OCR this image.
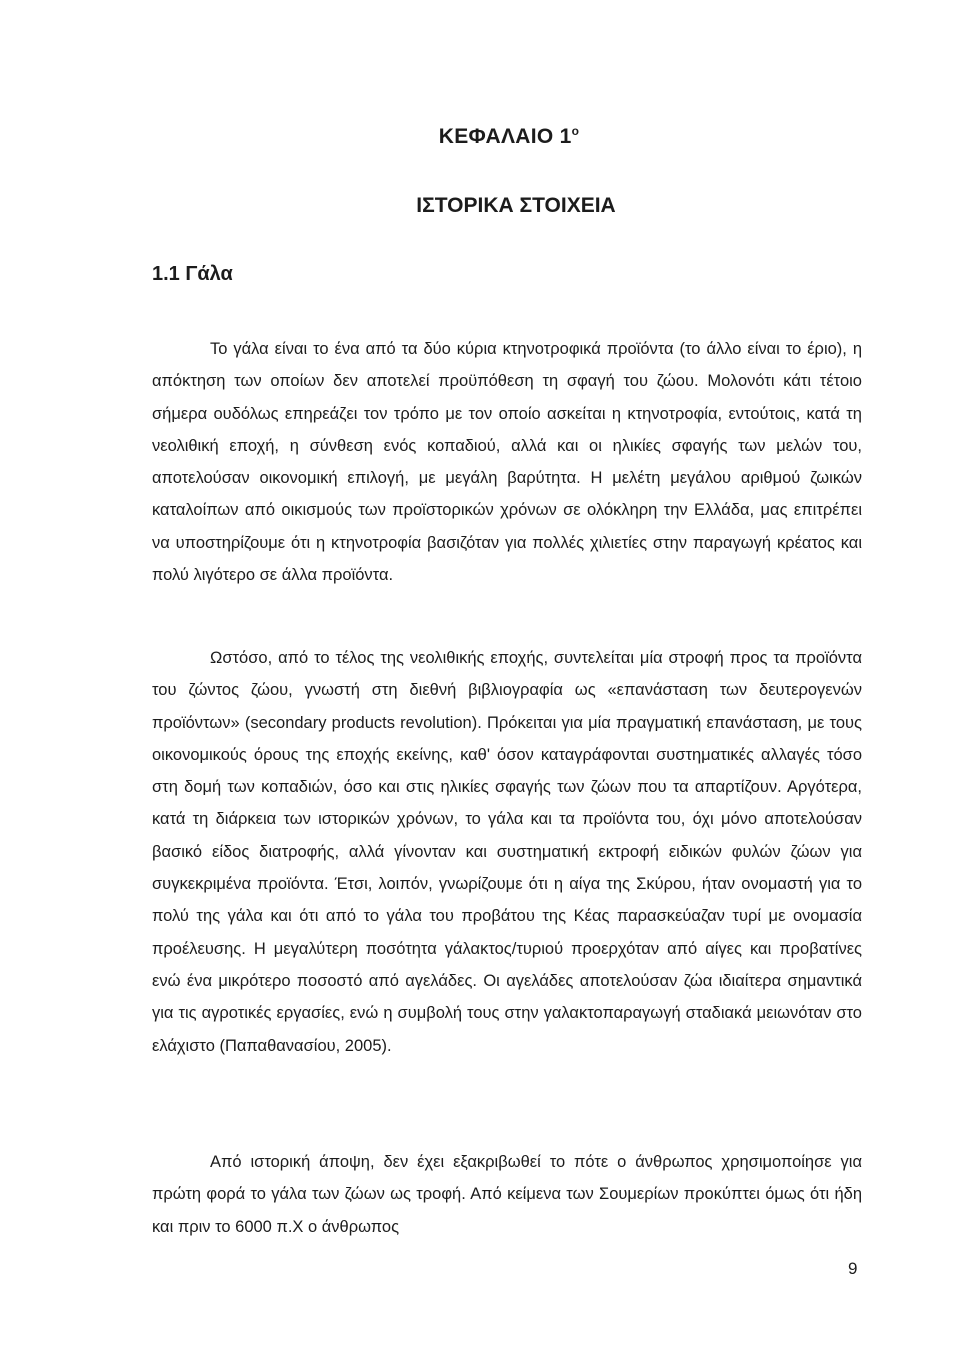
ΚΕΦΑΛΑΙΟ $1^o$
ΙΣΤΟΡΙΚΑ ΣΤΟΙΧΕΙΑ
1.1 Γάλα

Το γάλα είναι το ένα από τα δύο κύρια κτηνοτροφικά προϊόντα (το άλλο είναι το έριο), η απόκτηση των οποίων δεν αποτελεί προϋπόθεση τη σφαγή του ζώου. Μολονότι κάτι τέτοιο σήμερα ουδόλως επηρεάζει τον τρόπο με τον οποίο ασκείται η κτηνοτροφία, εντούτοις, κατά τη νεολιθική εποχή, η σύνθεση ενός κοπαδιού, αλλά και οι ηλικίες σφαγής των μελών του, αποτελούσαν οικονομική επιλογή, με μεγάλη βαρύτητα. Η μελέτη μεγάλου αριθμού ζωικών καταλοίπων από οικισμούς των προϊστορικών χρόνων σε ολόκληρη την Ελλάδα, μας επιτρέπει να υποστηρίζουμε ότι η κτηνοτροφία βασιζόταν για πολλές χιλιετίες στην παραγωγή κρέατος και πολύ λιγότερο σε άλλα προϊόντα.

Ωστόσο, από το τέλος της νεολιθικής εποχής, συντελείται μία στροφή προς τα προϊόντα του ζώντος ζώου, γνωστή στη διεθνή βιβλιογραφία ως «επανάσταση των δευτερογενών προϊόντων» (secondary products revolution). Πρόκειται για μία πραγματική επανάσταση, με τους οικονομικούς όρους της εποχής εκείνης, καθ' όσον καταγράφονται συστηματικές αλλαγές τόσο στη δομή των κοπαδιών, όσο και στις ηλικίες σφαγής των ζώων που τα απαρτίζουν. Αργότερα, κατά τη διάρκεια των ιστορικών χρόνων, το γάλα και τα προϊόντα του, όχι μόνο αποτελούσαν βασικό είδος διατροφής, αλλά γίνονταν και συστηματική εκτροφή ειδικών φυλών ζώων για συγκεκριμένα προϊόντα. Έτσι, λοιπόν, γνωρίζουμε ότι η αίγα της Σκύρου, ήταν ονομαστή για το πολύ της γάλα και ότι από το γάλα του προβάτου της Κέας παρασκεύαζαν τυρί με ονομασία προέλευσης. Η μεγαλύτερη ποσότητα γάλακτος/τυριού προερχόταν από αίγες και προβατίνες ενώ ένα μικρότερο ποσοστό από αγελάδες. Οι αγελάδες αποτελούσαν ζώα ιδιαίτερα σημαντικά για τις αγροτικές εργασίες, ενώ η συμβολή τους στην γαλακτοπαραγωγή σταδιακά μειωνόταν στο ελάχιστο (Παπαθανασίου, 2005).

Από ιστορική άποψη, δεν έχει εξακριβωθεί το πότε ο άνθρωπος χρησιμοποίησε για πρώτη φορά το γάλα των ζώων ως τροφή. Από κείμενα των Σουμερίων προκύπτει όμως ότι ήδη και πριν το 6000 π.Χ ο άνθρωπος

9
